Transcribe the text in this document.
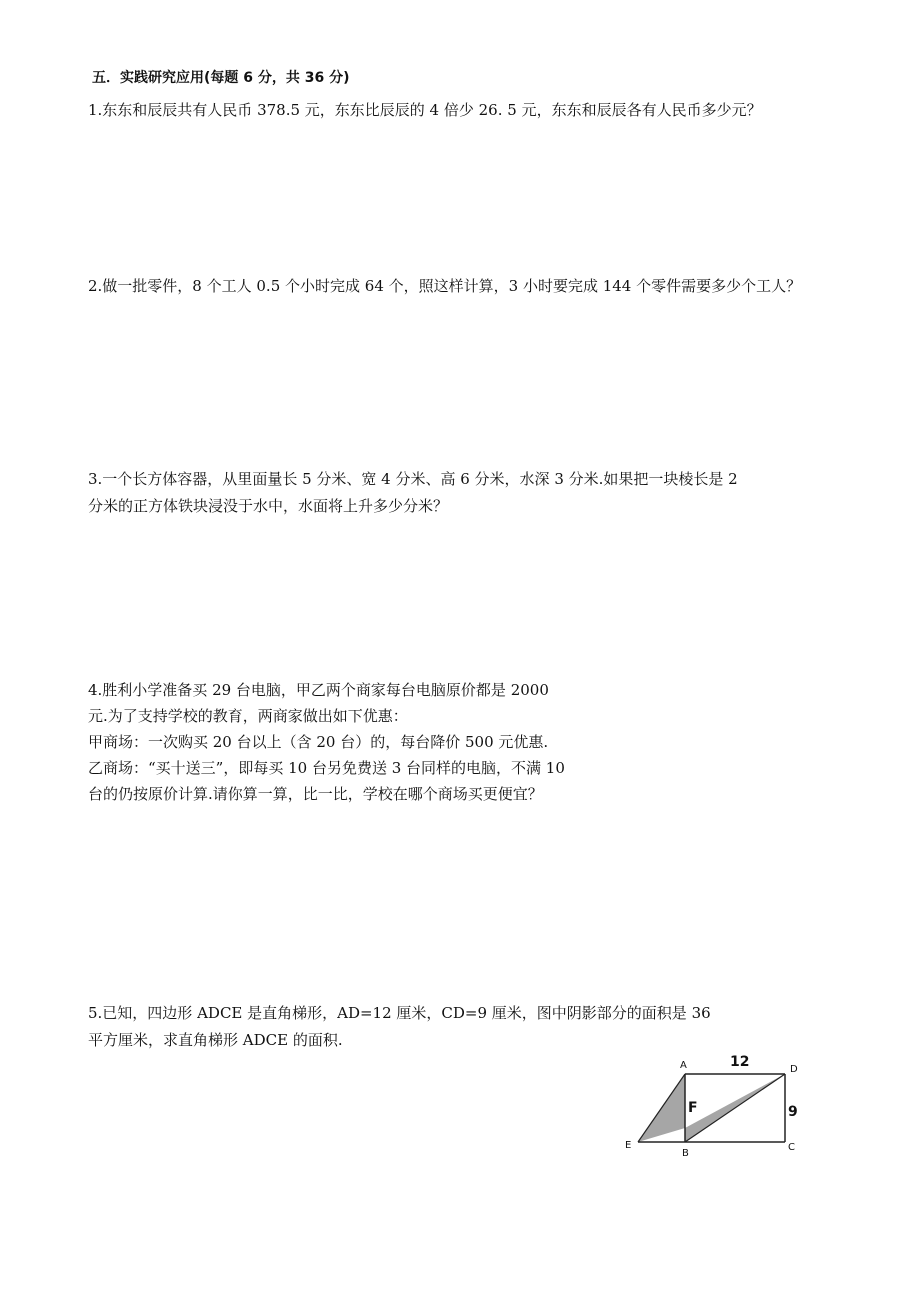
五．实践研究应用(每题 6 分，共 36 分)
1.东东和辰辰共有人民币 378.5 元，东东比辰辰的 4 倍少 26. 5 元，东东和辰辰各有人民币多少元？
2.做一批零件，8 个工人 0.5 个小时完成 64 个，照这样计算，3 小时要完成 144 个零件需要多少个工人？
3.一个长方体容器，从里面量长 5 分米、宽 4 分米、高 6 分米，水深 3 分米.如果把一块棱长是 2
分米的正方体铁块浸没于水中，水面将上升多少分米？
4.胜利小学准备买 29 台电脑，甲乙两个商家每台电脑原价都是 2000
元.为了支持学校的教育，两商家做出如下优惠：
甲商场：一次购买 20 台以上（含 20 台）的，每台降价 500 元优惠.
乙商场：“买十送三”，即每买 10 台另免费送 3 台同样的电脑，不满 10
台的仍按原价计算.请你算一算，比一比，学校在哪个商场买更便宜？
5.已知，四边形 ADCE 是直角梯形，AD=12 厘米，CD=9 厘米，图中阴影部分的面积是 36
平方厘米，求直角梯形 ADCE 的面积.
A	D
E
B
C
F
12
9
